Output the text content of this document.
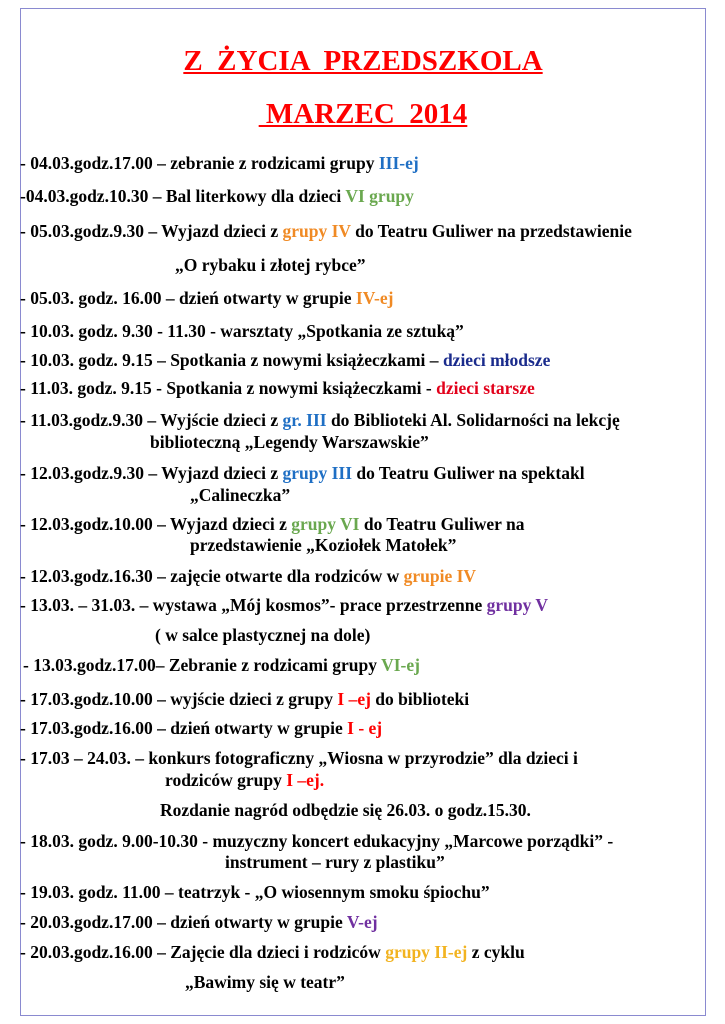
Z  ŻYCIA  PRZEDSZKOLA
MARZEC  2014
- 04.03.godz.17.00 – zebranie z rodzicami grupy III-ej
-04.03.godz.10.30 – Bal literkowy dla dzieci VI grupy
- 05.03.godz.9.30 – Wyjazd dzieci z grupy IV do Teatru Guliwer na przedstawienie
„O rybaku i złotej rybce”
- 05.03. godz. 16.00 – dzień otwarty w grupie IV-ej
- 10.03. godz. 9.30 - 11.30 - warsztaty „Spotkania ze sztuką”
- 10.03. godz. 9.15 – Spotkania z nowymi książeczkami – dzieci młodsze
- 11.03. godz. 9.15 - Spotkania z nowymi książeczkami - dzieci starsze
- 11.03.godz.9.30 – Wyjście dzieci z gr. III do Biblioteki Al. Solidarności na lekcję
biblioteczną „Legendy Warszawskie”
- 12.03.godz.9.30 – Wyjazd dzieci z grupy III do Teatru Guliwer na spektakl
„Calineczka”
- 12.03.godz.10.00 – Wyjazd dzieci z grupy VI do Teatru Guliwer na
przedstawienie „Koziołek Matołek”
- 12.03.godz.16.30 – zajęcie otwarte dla rodziców w grupie IV
- 13.03. – 31.03. – wystawa „Mój kosmos”- prace przestrzenne grupy V
( w salce plastycznej na dole)
- 13.03.godz.17.00– Zebranie z rodzicami grupy VI-ej
- 17.03.godz.10.00 – wyjście dzieci z grupy I –ej do biblioteki
- 17.03.godz.16.00 – dzień otwarty w grupie I - ej
- 17.03 – 24.03. – konkurs fotograficzny „Wiosna w przyrodzie” dla dzieci i
rodziców grupy I –ej.
Rozdanie nagród odbędzie się 26.03. o godz.15.30.
- 18.03. godz. 9.00-10.30 - muzyczny koncert edukacyjny „Marcowe porządki” -
instrument – rury z plastiku”
- 19.03. godz. 11.00 – teatrzyk - „O wiosennym smoku śpiochu”
- 20.03.godz.17.00 – dzień otwarty w grupie V-ej
- 20.03.godz.16.00 – Zajęcie dla dzieci i rodziców grupy II-ej z cyklu
„Bawimy się w teatr”
